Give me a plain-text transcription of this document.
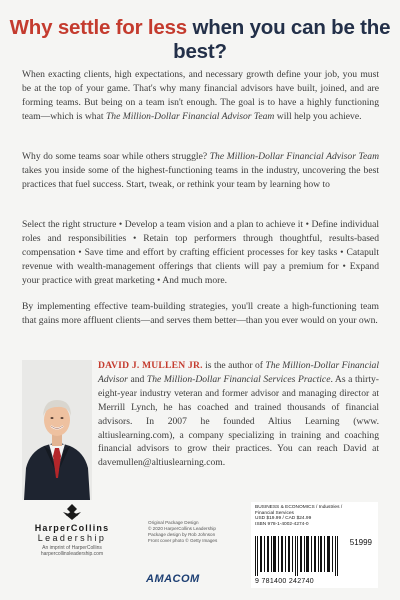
Why settle for less when you can be the best?
When exacting clients, high expectations, and necessary growth define your job, you must be at the top of your game. That's why many financial advisors have built, joined, and are forming teams. But being on a team isn't enough. The goal is to have a highly functioning team—which is what The Million-Dollar Financial Advisor Team will help you achieve.
Why do some teams soar while others struggle? The Million-Dollar Financial Advisor Team takes you inside some of the highest-functioning teams in the industry, uncovering the best practices that fuel success. Start, tweak, or rethink your team by learning how to
Select the right structure • Develop a team vision and a plan to achieve it • Define individual roles and responsibilities • Retain top performers through thoughtful, results-based compensation • Save time and effort by crafting efficient processes for key tasks • Catapult revenue with wealth-management offerings that clients will pay a premium for • Expand your practice with great marketing • And much more.
By implementing effective team-building strategies, you'll create a high-functioning team that gains more affluent clients—and serves them better—than you ever would on your own.
DAVID J. MULLEN JR. is the author of The Million-Dollar Financial Advisor and The Million-Dollar Financial Services Practice. As a thirty-eight-year industry veteran and former advisor and managing director at Merrill Lynch, he has coached and trained thousands of financial advisors. In 2007 he founded Altius Learning (www. altiuslearning.com), a company specializing in training and coaching financial advisors to grow their practices. You can reach David at davemullen@altiuslearning.com.
HarperCollins
Leadership
An imprint of HarperCollins
harpercollinsleadership.com
Original Package Design
© 2020 HarperCollins Leadership
Package design by Rob Johnson
Front cover photo © Getty Images
AMACOM
BUSINESS & ECONOMICS / Industries /
Financial Services
USD $19.99 / CAD $24.99
ISBN 978-1-4002-4274-0
51999
9 781400 242740
